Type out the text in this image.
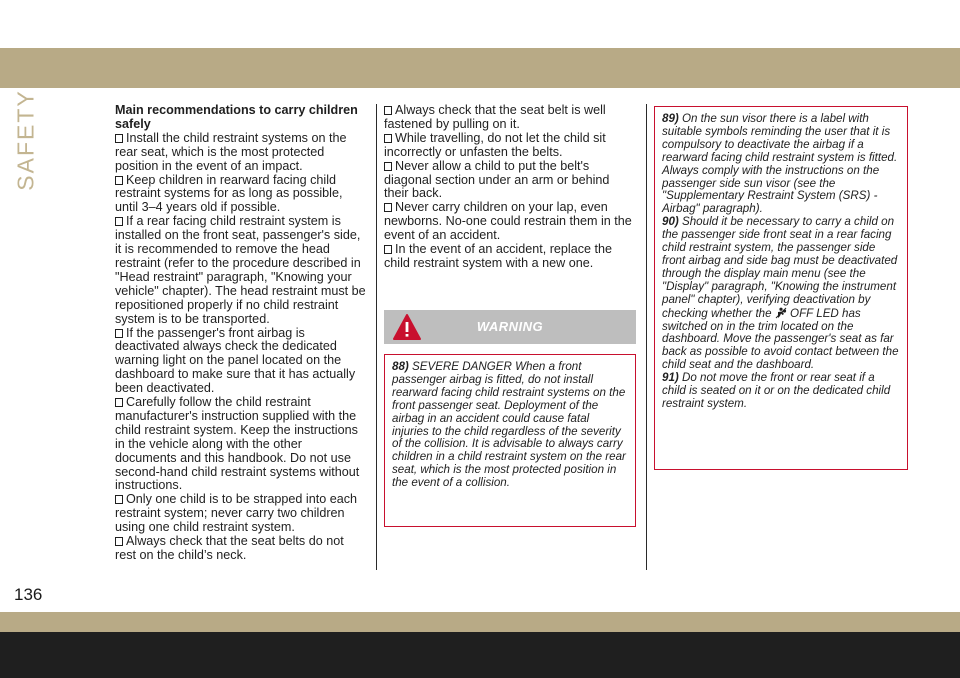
SAFETY
136
Main recommendations to carry children safely
Install the child restraint systems on the rear seat, which is the most protected position in the event of an impact.
Keep children in rearward facing child restraint systems for as long as possible, until 3–4 years old if possible.
If a rear facing child restraint system is installed on the front seat, passenger's side, it is recommended to remove the head restraint (refer to the procedure described in "Head restraint" paragraph, "Knowing your vehicle" chapter). The head restraint must be repositioned properly if no child restraint system is to be transported.
If the passenger's front airbag is deactivated always check the dedicated warning light on the panel located on the dashboard to make sure that it has actually been deactivated.
Carefully follow the child restraint manufacturer's instruction supplied with the child restraint system. Keep the instructions in the vehicle along with the other documents and this handbook. Do not use second-hand child restraint systems without instructions.
Only one child is to be strapped into each restraint system; never carry two children using one child restraint system.
Always check that the seat belts do not rest on the child’s neck.
Always check that the seat belt is well fastened by pulling on it.
While travelling, do not let the child sit incorrectly or unfasten the belts.
Never allow a child to put the belt's diagonal section under an arm or behind their back.
Never carry children on your lap, even newborns. No-one could restrain them in the event of an accident.
In the event of an accident, replace the child restraint system with a new one.
WARNING
88) SEVERE DANGER When a front passenger airbag is fitted, do not install rearward facing child restraint systems on the front passenger seat. Deployment of the airbag in an accident could cause fatal injuries to the child regardless of the severity of the collision. It is advisable to always carry children in a child restraint system on the rear seat, which is the most protected position in the event of a collision.
89) On the sun visor there is a label with suitable symbols reminding the user that it is compulsory to deactivate the airbag if a rearward facing child restraint system is fitted. Always comply with the instructions on the passenger side sun visor (see the "Supplementary Restraint System (SRS) - Airbag" paragraph).
90) Should it be necessary to carry a child on the passenger side front seat in a rear facing child restraint system, the passenger side front airbag and side bag must be deactivated through the display main menu (see the "Display" paragraph, "Knowing the instrument panel" chapter), verifying deactivation by checking whether the OFF LED has switched on in the trim located on the dashboard. Move the passenger's seat as far back as possible to avoid contact between the child seat and the dashboard.
91) Do not move the front or rear seat if a child is seated on it or on the dedicated child restraint system.
